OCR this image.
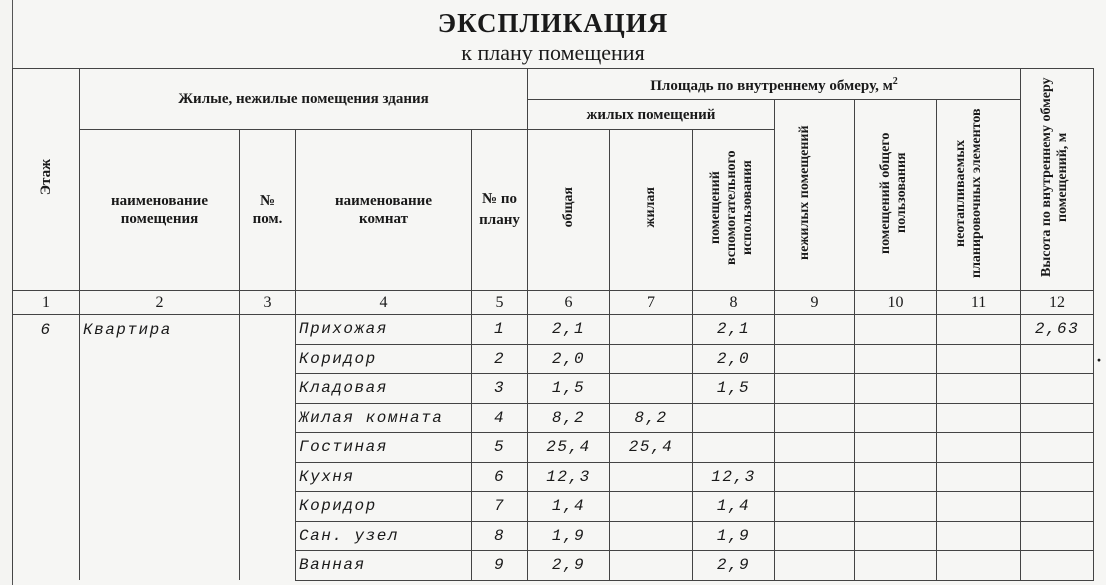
ЭКСПЛИКАЦИЯ
к плану помещения
Этаж	Жилые, нежилые помещения здания				Площадь по внутреннему обмеру, $м^2$						Высота по внутреннему обмеру помещений, м
					жилых помещений			нежилых помещений	помещений общего пользования	неотапливаемых планировочных элементов	
	наименование помещения	№ пом.	наименование комнат	№ по плану	общая	жилая	помещений вспомогательного использования				
1	2	3	4	5	6	7	8	9	10	11	12
6	Квартира		Прихожая	1	2,1		2,1				2,63
			Коридор	2	2,0		2,0				
			Кладовая	3	1,5		1,5				
			Жилая комната	4	8,2	8,2					
			Гостиная	5	25,4	25,4					
			Кухня	6	12,3		12,3				
			Коридор	7	1,4		1,4				
			Сан. узел	8	1,9		1,9				
			Ванная	9	2,9		2,9				
·
